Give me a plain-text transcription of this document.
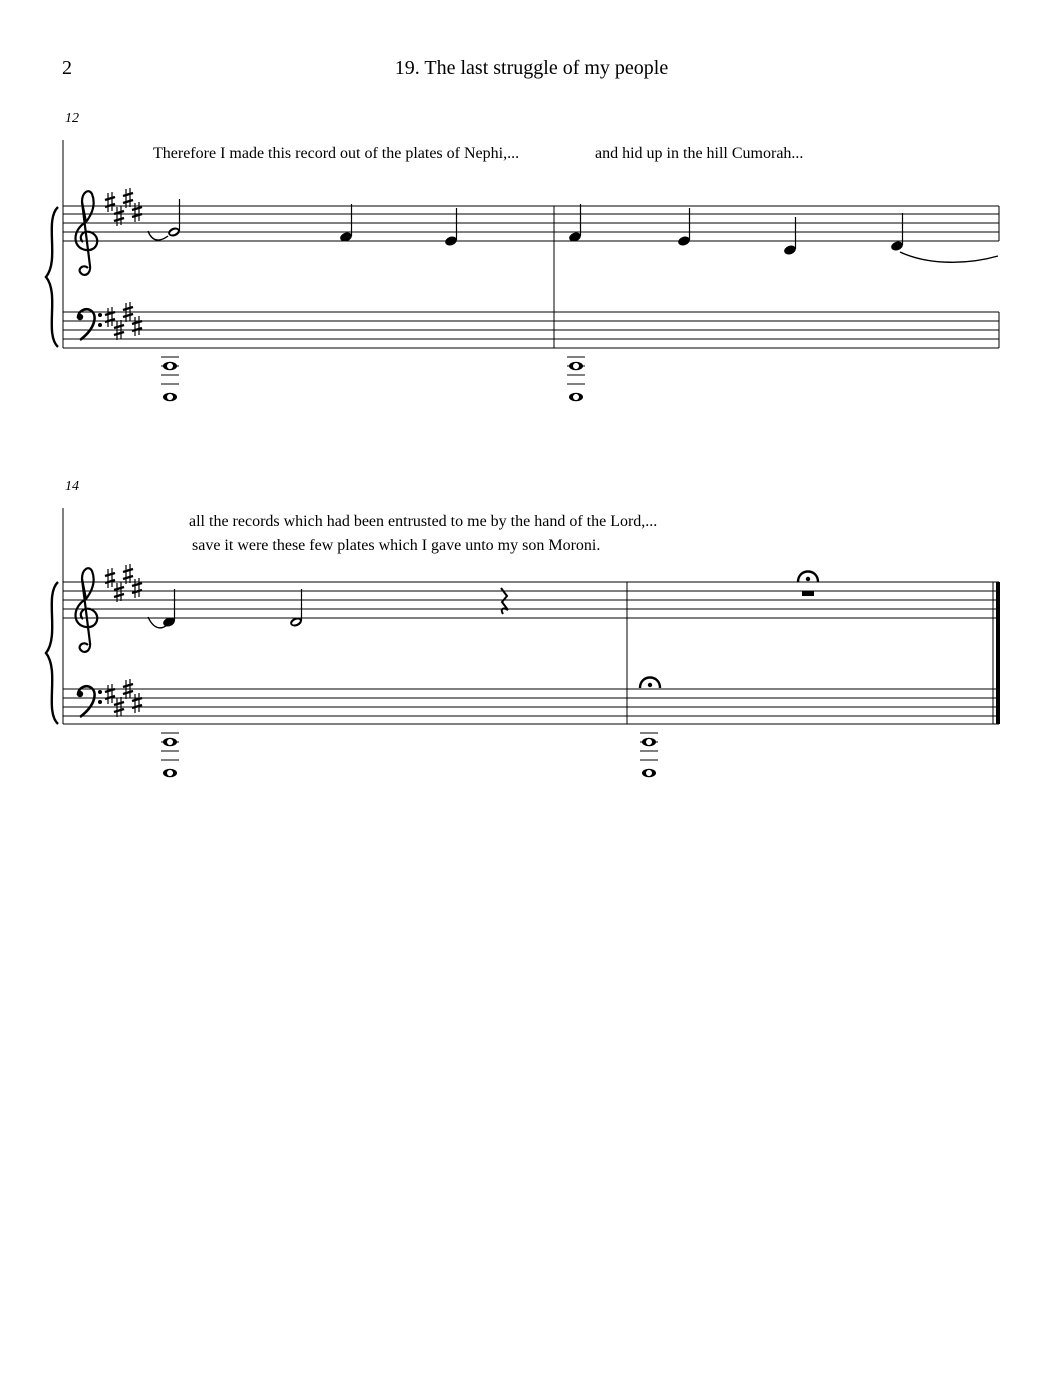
2	19. The last struggle of my people
12
14
Therefore I made this record out of the plates of Nephi,...	and hid up in the hill Cumorah...
all the records which had been entrusted to me by the hand of the Lord,...
save it were these few plates which I gave unto my son Moroni.
